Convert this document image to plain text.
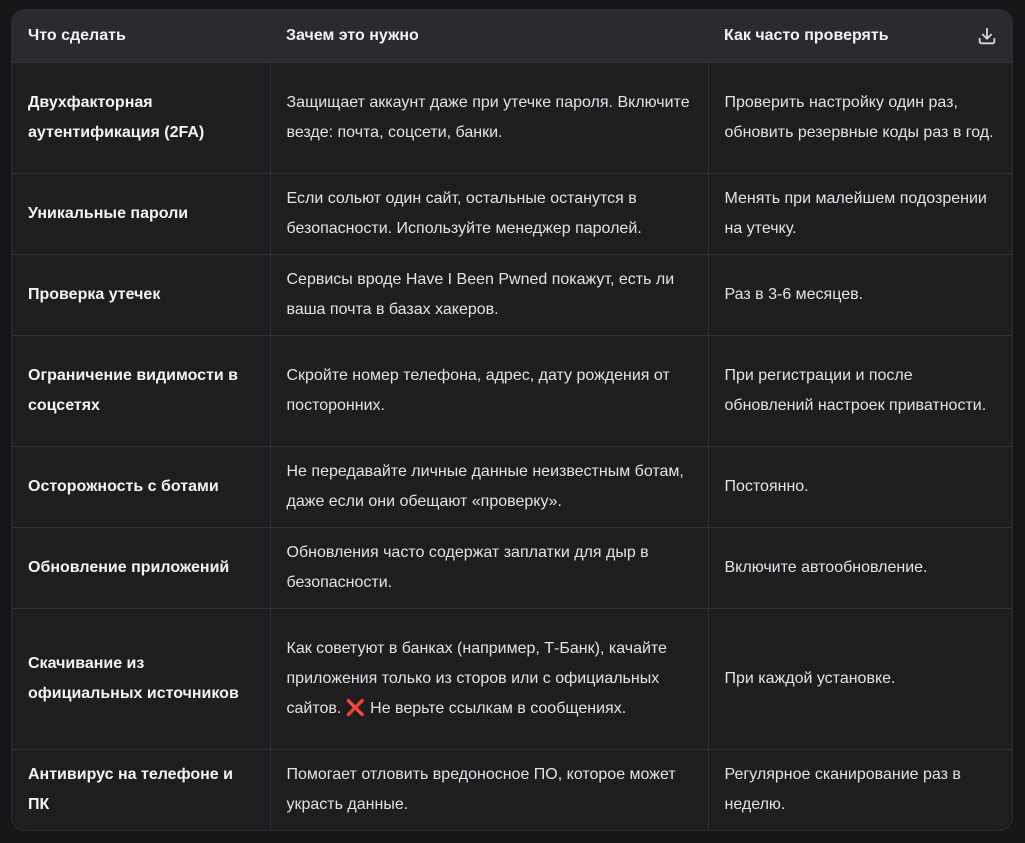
Что сделать	Зачем это нужно	Как часто проверять

Двухфакторная аутентификация (2FA)	Защищает аккаунт даже при утечке пароля. Включите везде: почта, соцсети, банки.	Проверить настройку один раз, обновить резервные коды раз в год.
Уникальные пароли	Если сольют один сайт, остальные останутся в безопасности. Используйте менеджер паролей.	Менять при малейшем подозрении на утечку.
Проверка утечек	Сервисы вроде Have I Been Pwned покажут, есть ли ваша почта в базах хакеров.	Раз в 3-6 месяцев.
Ограничение видимости в соцсетях	Скройте номер телефона, адрес, дату рождения от посторонних.	При регистрации и после обновлений настроек приватности.
Осторожность с ботами	Не передавайте личные данные неизвестным ботам, даже если они обещают «проверку».	Постоянно.
Обновление приложений	Обновления часто содержат заплатки для дыр в безопасности.	Включите автообновление.
Скачивание из официальных источников	Как советуют в банках (например, Т-Банк), качайте приложения только из сторов или с официальных сайтов. ❌ Не верьте ссылкам в сообщениях.	При каждой установке.
Антивирус на телефоне и ПК	Помогает отловить вредоносное ПО, которое может украсть данные.	Регулярное сканирование раз в неделю.
